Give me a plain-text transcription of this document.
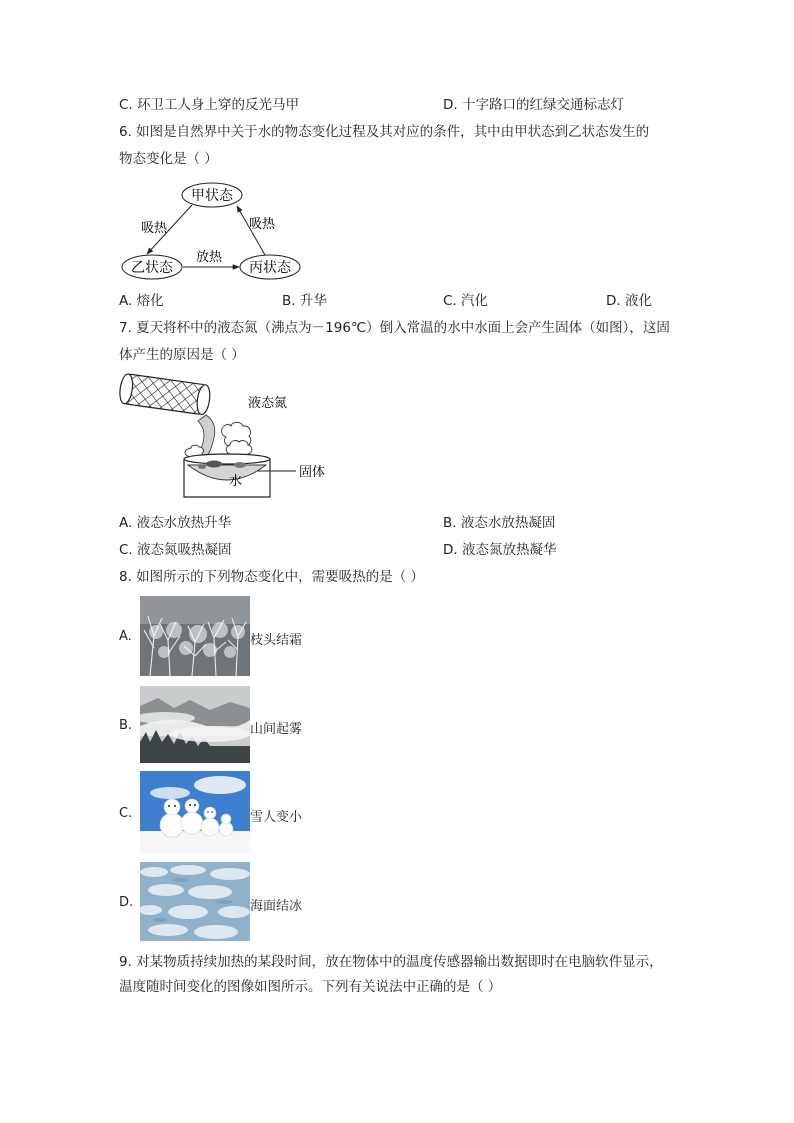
C. 环卫工人身上穿的反光马甲	D. 十字路口的红绿交通标志灯
6. 如图是自然界中关于水的物态变化过程及其对应的条件，其中由甲状态到乙状态发生的
物态变化是（ ）
甲状态
乙状态	丙状态
吸热	吸热
放热
A. 熔化	B. 升华	C. 汽化	D. 液化
7. 夏天将杯中的液态氮（沸点为－196℃）倒入常温的水中水面上会产生固体（如图），这固
体产生的原因是（ ）
液态氮
固体
水
A. 液态水放热升华	B. 液态水放热凝固
C. 液态氮吸热凝固	D. 液态氮放热凝华
8. 如图所示的下列物态变化中，需要吸热的是（ ）
A.	枝头结霜
B.	山间起雾
C.	雪人变小
D.	海面结冰
9. 对某物质持续加热的某段时间，放在物体中的温度传感器输出数据即时在电脑软件显示，
温度随时间变化的图像如图所示。下列有关说法中正确的是（ ）
